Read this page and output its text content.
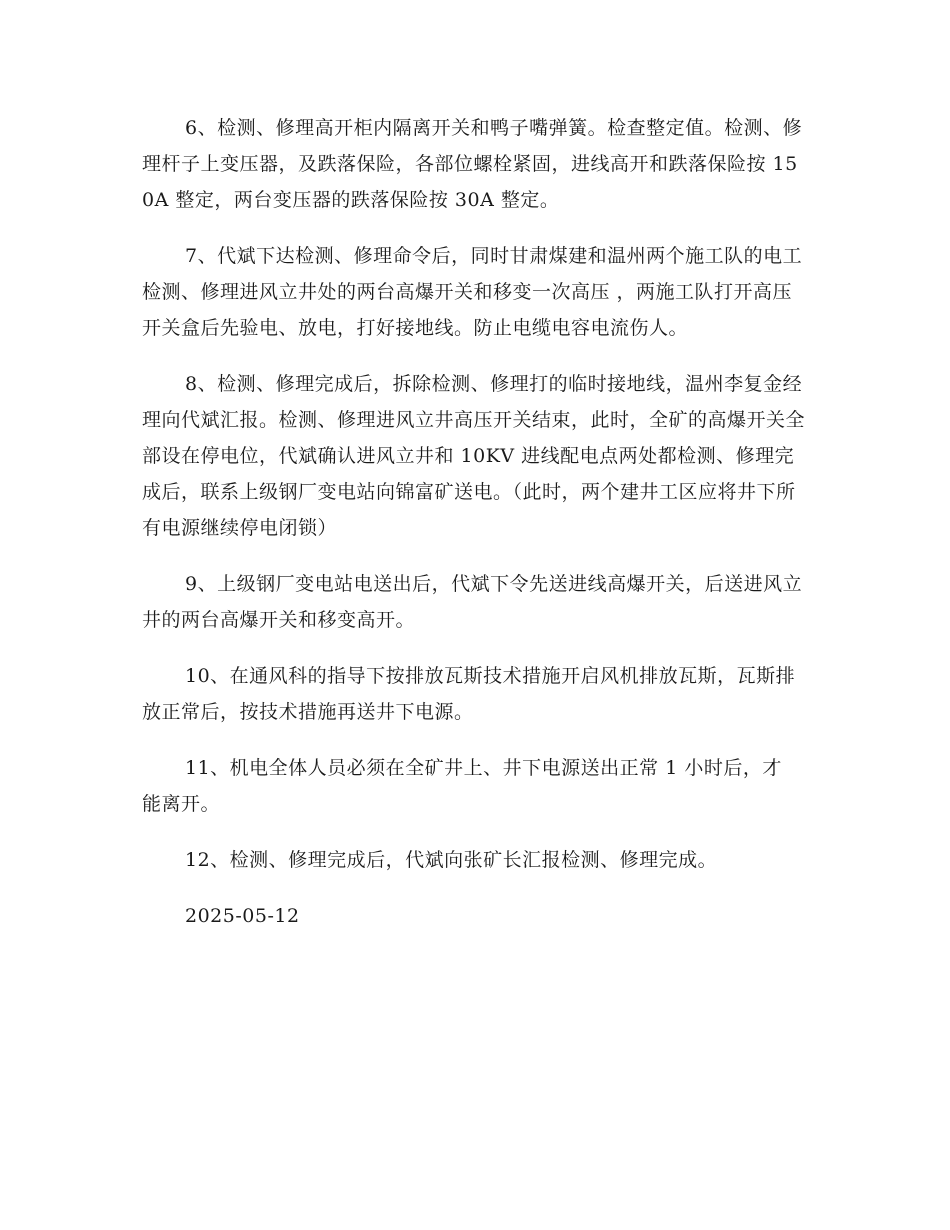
6、检测、修理高开柜内隔离开关和鸭子嘴弹簧。检查整定值。检测、修理杆子上变压器，及跌落保险，各部位螺栓紧固，进线高开和跌落保险按 150A 整定，两台变压器的跌落保险按 30A 整定。

7、代斌下达检测、修理命令后，同时甘肃煤建和温州两个施工队的电工检测、修理进风立井处的两台高爆开关和移变一次高压 ，两施工队打开高压开关盒后先验电、放电，打好接地线。防止电缆电容电流伤人。

8、检测、修理完成后，拆除检测、修理打的临时接地线，温州李复金经理向代斌汇报。检测、修理进风立井高压开关结束，此时，全矿的高爆开关全部设在停电位，代斌确认进风立井和 10KV 进线配电点两处都检测、修理完成后，联系上级钢厂变电站向锦富矿送电。（此时，两个建井工区应将井下所有电源继续停电闭锁）

9、上级钢厂变电站电送出后，代斌下令先送进线高爆开关，后送进风立井的两台高爆开关和移变高开。

10、在通风科的指导下按排放瓦斯技术措施开启风机排放瓦斯，瓦斯排放正常后，按技术措施再送井下电源。

11、机电全体人员必须在全矿井上、井下电源送出正常 1 小时后，才能离开。

12、检测、修理完成后，代斌向张矿长汇报检测、修理完成。

2025-05-12
